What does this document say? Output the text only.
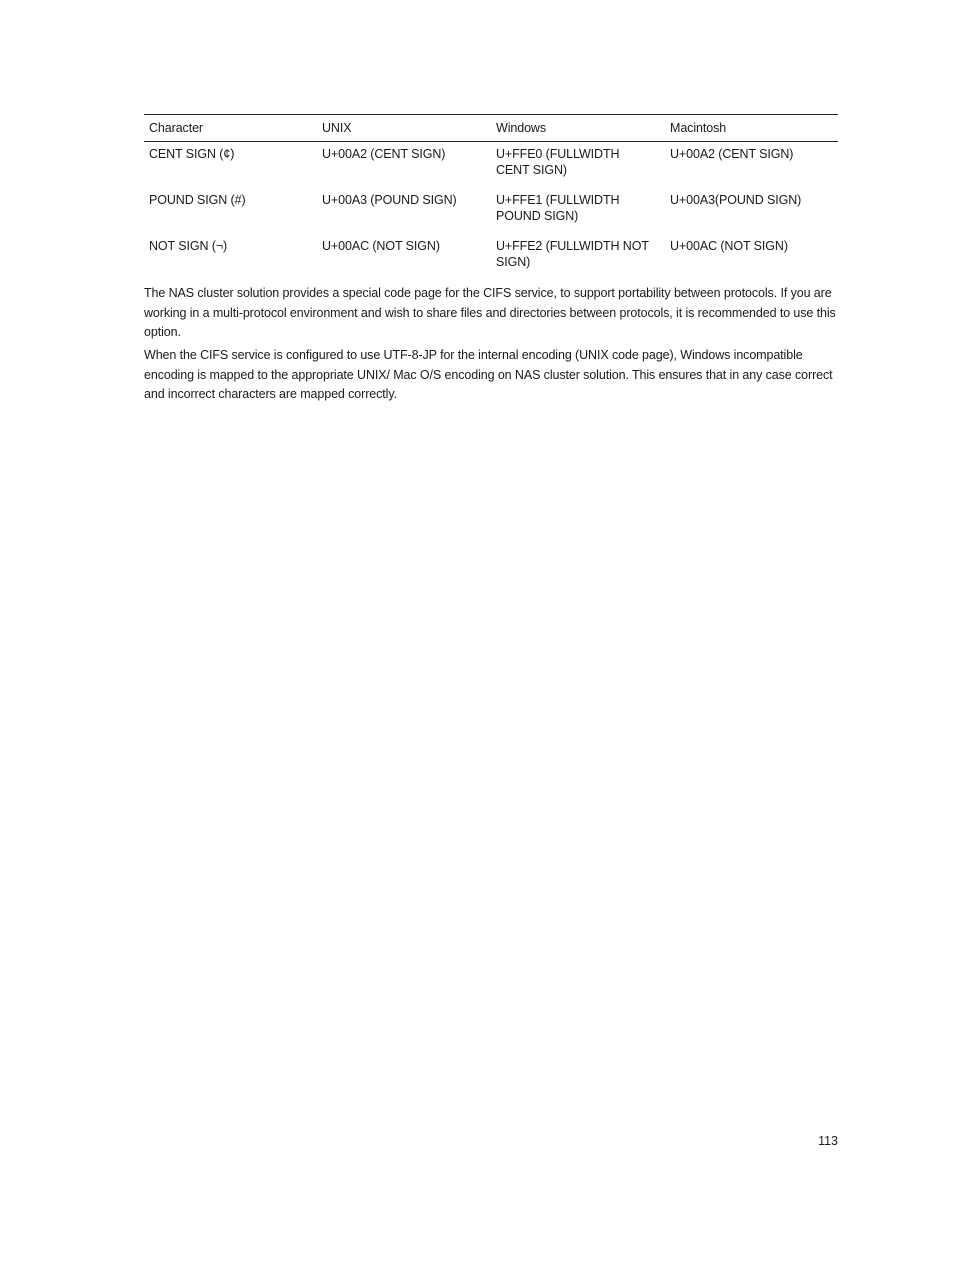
Character	UNIX	Windows	Macintosh
CENT SIGN (¢)	U+00A2 (CENT SIGN)	U+FFE0 (FULLWIDTH CENT SIGN)	U+00A2 (CENT SIGN)
POUND SIGN (#)	U+00A3 (POUND SIGN)	U+FFE1 (FULLWIDTH POUND SIGN)	U+00A3(POUND SIGN)
NOT SIGN (¬)	U+00AC (NOT SIGN)	U+FFE2 (FULLWIDTH NOT SIGN)	U+00AC (NOT SIGN)

The NAS cluster solution provides a special code page for the CIFS service, to support portability between protocols. If you are working in a multi-protocol environment and wish to share files and directories between protocols, it is recommended to use this option.

When the CIFS service is configured to use UTF-8-JP for the internal encoding (UNIX code page), Windows incompatible encoding is mapped to the appropriate UNIX/ Mac O/S encoding on NAS cluster solution. This ensures that in any case correct and incorrect characters are mapped correctly.

113
